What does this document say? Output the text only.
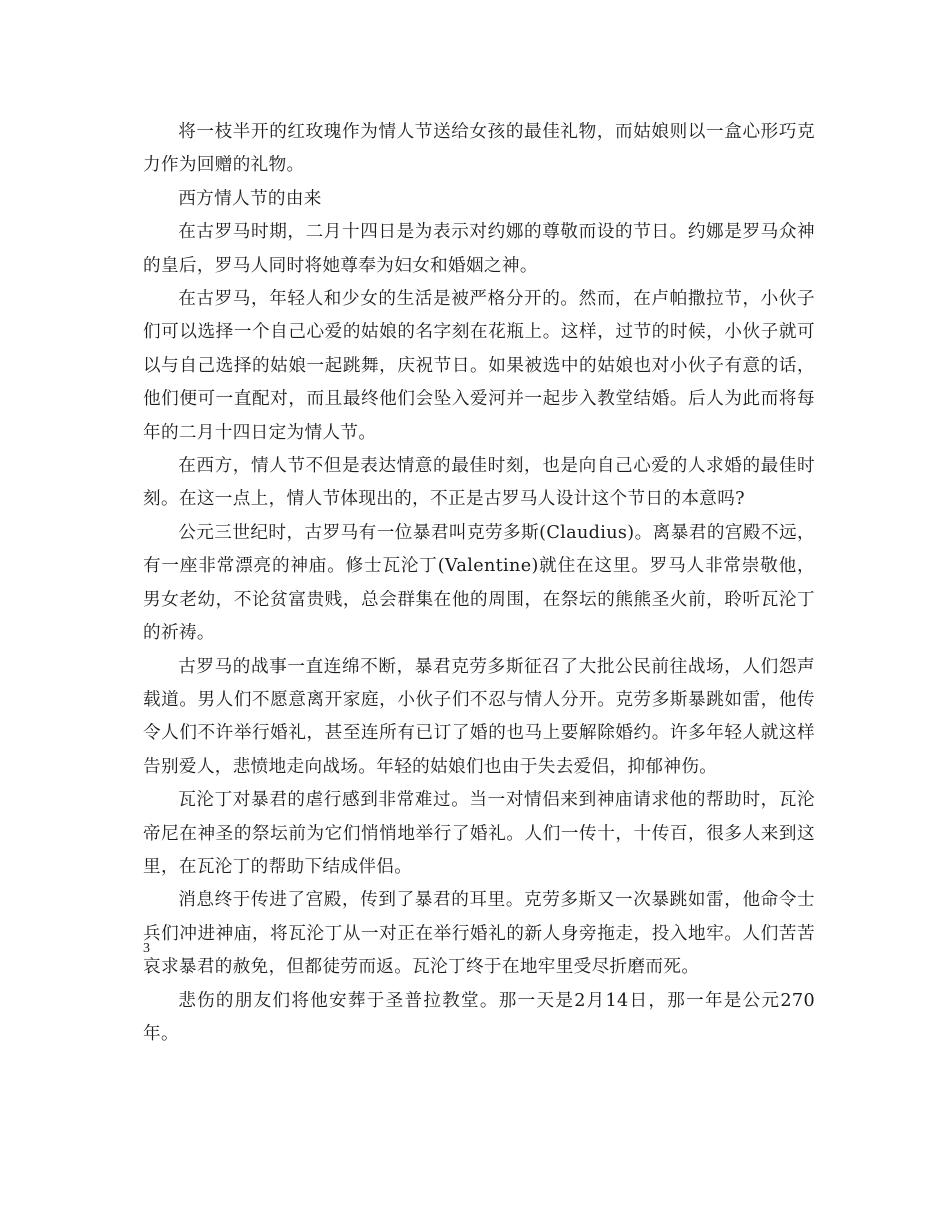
将一枝半开的红玫瑰作为情人节送给女孩的最佳礼物，而姑娘则以一盒心形巧克力作为回赠的礼物。

西方情人节的由来

在古罗马时期，二月十四日是为表示对约娜的尊敬而设的节日。约娜是罗马众神的皇后，罗马人同时将她尊奉为妇女和婚姻之神。

在古罗马，年轻人和少女的生活是被严格分开的。然而，在卢帕撒拉节，小伙子们可以选择一个自己心爱的姑娘的名字刻在花瓶上。这样，过节的时候，小伙子就可以与自己选择的姑娘一起跳舞，庆祝节日。如果被选中的姑娘也对小伙子有意的话，他们便可一直配对，而且最终他们会坠入爱河并一起步入教堂结婚。后人为此而将每年的二月十四日定为情人节。

在西方，情人节不但是表达情意的最佳时刻，也是向自己心爱的人求婚的最佳时刻。在这一点上，情人节体现出的，不正是古罗马人设计这个节日的本意吗?

公元三世纪时，古罗马有一位暴君叫克劳多斯(Claudius)。离暴君的宫殿不远，有一座非常漂亮的神庙。修士瓦沦丁(Valentine)就住在这里。罗马人非常崇敬他，男女老幼，不论贫富贵贱，总会群集在他的周围，在祭坛的熊熊圣火前，聆听瓦沦丁的祈祷。

古罗马的战事一直连绵不断，暴君克劳多斯征召了大批公民前往战场，人们怨声载道。男人们不愿意离开家庭，小伙子们不忍与情人分开。克劳多斯暴跳如雷，他传令人们不许举行婚礼，甚至连所有已订了婚的也马上要解除婚约。许多年轻人就这样告别爱人，悲愤地走向战场。年轻的姑娘们也由于失去爱侣，抑郁神伤。

瓦沦丁对暴君的虐行感到非常难过。当一对情侣来到神庙请求他的帮助时，瓦沦帝尼在神圣的祭坛前为它们悄悄地举行了婚礼。人们一传十，十传百，很多人来到这里，在瓦沦丁的帮助下结成伴侣。

消息终于传进了宫殿，传到了暴君的耳里。克劳多斯又一次暴跳如雷，他命令士兵们冲进神庙，将瓦沦丁从一对正在举行婚礼的新人身旁拖走，投入地牢。人们苦苦哀求暴君的赦免，但都徒劳而返。瓦沦丁终于在地牢里受尽折磨而死。

悲伤的朋友们将他安葬于圣普拉教堂。那一天是2月14日，那一年是公元270年。

3
